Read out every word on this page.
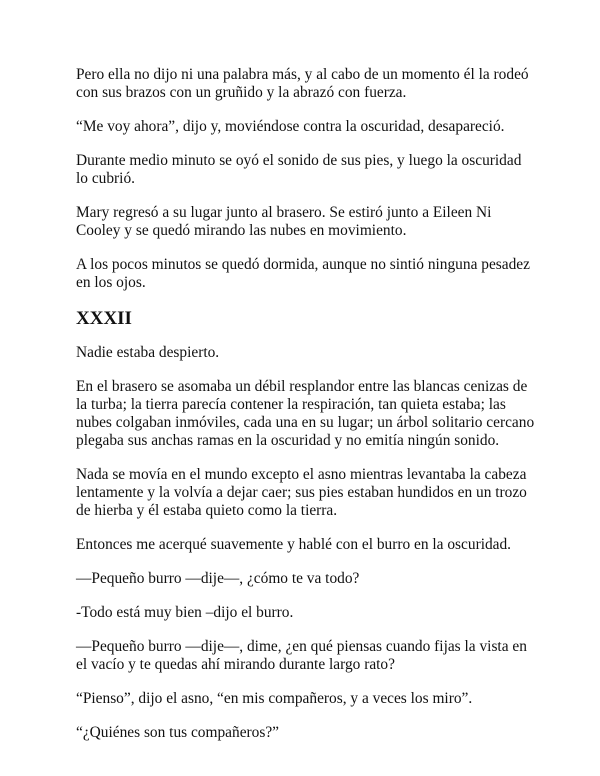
Pero ella no dijo ni una palabra más, y al cabo de un momento él la rodeó con sus brazos con un gruñido y la abrazó con fuerza.

“Me voy ahora”, dijo y, moviéndose contra la oscuridad, desapareció.

Durante medio minuto se oyó el sonido de sus pies, y luego la oscuridad lo cubrió.

Mary regresó a su lugar junto al brasero. Se estiró junto a Eileen Ni Cooley y se quedó mirando las nubes en movimiento.

A los pocos minutos se quedó dormida, aunque no sintió ninguna pesadez en los ojos.

XXXII

Nadie estaba despierto.

En el brasero se asomaba un débil resplandor entre las blancas cenizas de la turba; la tierra parecía contener la respiración, tan quieta estaba; las nubes colgaban inmóviles, cada una en su lugar; un árbol solitario cercano plegaba sus anchas ramas en la oscuridad y no emitía ningún sonido.

Nada se movía en el mundo excepto el asno mientras levantaba la cabeza lentamente y la volvía a dejar caer; sus pies estaban hundidos en un trozo de hierba y él estaba quieto como la tierra.

Entonces me acerqué suavemente y hablé con el burro en la oscuridad.

—Pequeño burro —dije—, ¿cómo te va todo?

-Todo está muy bien –dijo el burro.

—Pequeño burro —dije—, dime, ¿en qué piensas cuando fijas la vista en el vacío y te quedas ahí mirando durante largo rato?

“Pienso”, dijo el asno, “en mis compañeros, y a veces los miro”.

“¿Quiénes son tus compañeros?”
